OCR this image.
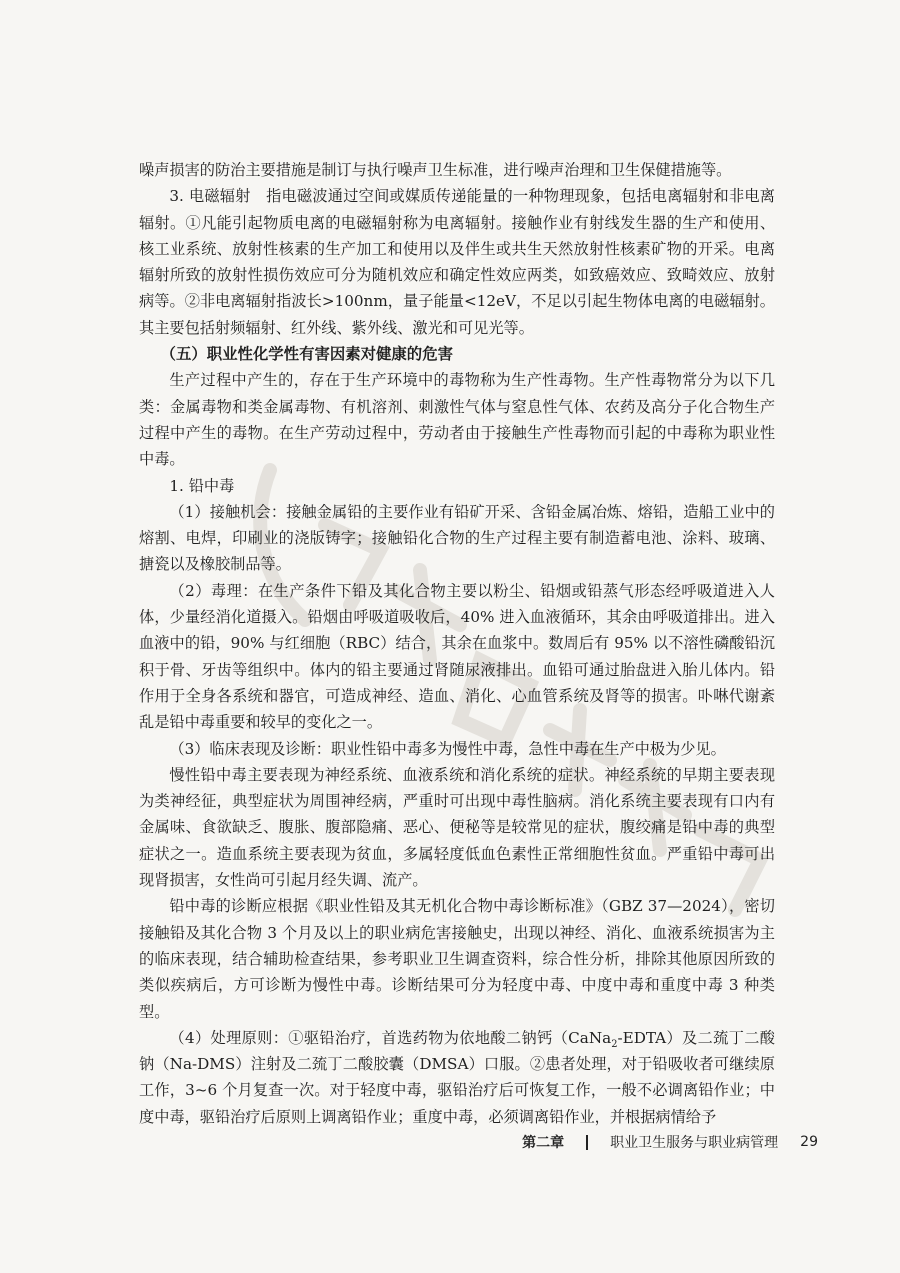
噪声损害的防治主要措施是制订与执行噪声卫生标准，进行噪声治理和卫生保健措施等。

3. 电磁辐射　指电磁波通过空间或媒质传递能量的一种物理现象，包括电离辐射和非电离辐射。①凡能引起物质电离的电磁辐射称为电离辐射。接触作业有射线发生器的生产和使用、核工业系统、放射性核素的生产加工和使用以及伴生或共生天然放射性核素矿物的开采。电离辐射所致的放射性损伤效应可分为随机效应和确定性效应两类，如致癌效应、致畸效应、放射病等。②非电离辐射指波长>100nm，量子能量<12eV，不足以引起生物体电离的电磁辐射。其主要包括射频辐射、红外线、紫外线、激光和可见光等。

（五）职业性化学性有害因素对健康的危害

生产过程中产生的，存在于生产环境中的毒物称为生产性毒物。生产性毒物常分为以下几类：金属毒物和类金属毒物、有机溶剂、刺激性气体与窒息性气体、农药及高分子化合物生产过程中产生的毒物。在生产劳动过程中，劳动者由于接触生产性毒物而引起的中毒称为职业性中毒。

1. 铅中毒

（1）接触机会：接触金属铅的主要作业有铅矿开采、含铅金属冶炼、熔铅，造船工业中的熔割、电焊，印刷业的浇版铸字；接触铅化合物的生产过程主要有制造蓄电池、涂料、玻璃、搪瓷以及橡胶制品等。

（2）毒理：在生产条件下铅及其化合物主要以粉尘、铅烟或铅蒸气形态经呼吸道进入人体，少量经消化道摄入。铅烟由呼吸道吸收后，40% 进入血液循环，其余由呼吸道排出。进入血液中的铅，90% 与红细胞（RBC）结合，其余在血浆中。数周后有 95% 以不溶性磷酸铅沉积于骨、牙齿等组织中。体内的铅主要通过肾随尿液排出。血铅可通过胎盘进入胎儿体内。铅作用于全身各系统和器官，可造成神经、造血、消化、心血管系统及肾等的损害。卟啉代谢紊乱是铅中毒重要和较早的变化之一。

（3）临床表现及诊断：职业性铅中毒多为慢性中毒，急性中毒在生产中极为少见。

慢性铅中毒主要表现为神经系统、血液系统和消化系统的症状。神经系统的早期主要表现为类神经征，典型症状为周围神经病，严重时可出现中毒性脑病。消化系统主要表现有口内有金属味、食欲缺乏、腹胀、腹部隐痛、恶心、便秘等是较常见的症状，腹绞痛是铅中毒的典型症状之一。造血系统主要表现为贫血，多属轻度低血色素性正常细胞性贫血。严重铅中毒可出现肾损害，女性尚可引起月经失调、流产。

铅中毒的诊断应根据《职业性铅及其无机化合物中毒诊断标准》（GBZ 37—2024），密切接触铅及其化合物 3 个月及以上的职业病危害接触史，出现以神经、消化、血液系统损害为主的临床表现，结合辅助检查结果，参考职业卫生调查资料，综合性分析，排除其他原因所致的类似疾病后，方可诊断为慢性中毒。诊断结果可分为轻度中毒、中度中毒和重度中毒 3 种类型。

（4）处理原则：①驱铅治疗，首选药物为依地酸二钠钙（CaNa$_2$-EDTA）及二巯丁二酸钠（Na-DMS）注射及二巯丁二酸胶囊（DMSA）口服。②患者处理，对于铅吸收者可继续原工作，3~6 个月复查一次。对于轻度中毒，驱铅治疗后可恢复工作，一般不必调离铅作业；中度中毒，驱铅治疗后原则上调离铅作业；重度中毒，必须调离铅作业，并根据病情给予

第二章	职业卫生服务与职业病管理 29
